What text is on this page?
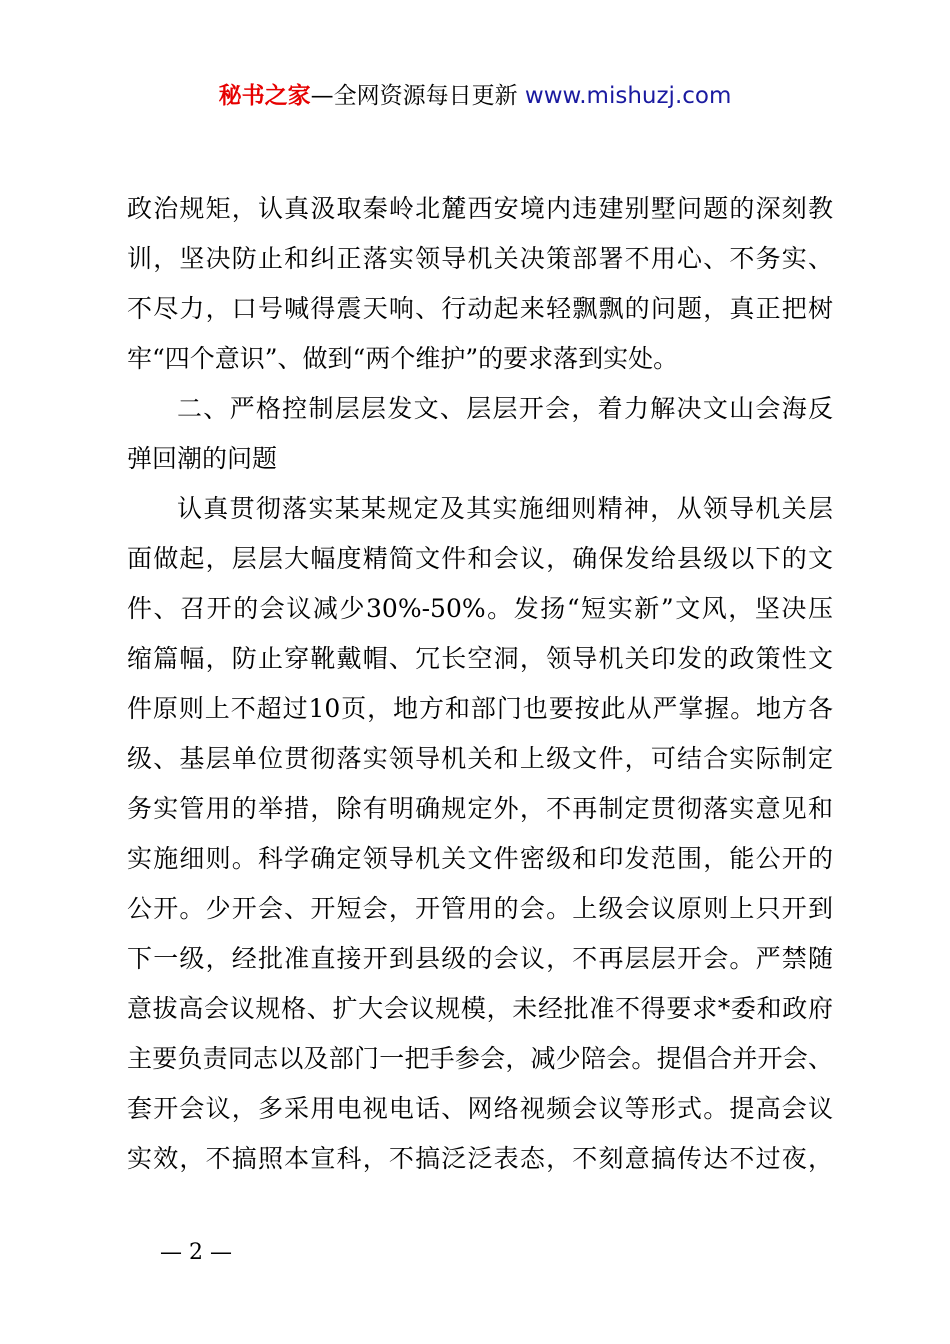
秘书之家—全网资源每日更新 www.mishuzj.com
政治规矩，认真汲取秦岭北麓西安境内违建别墅问题的深刻教
训，坚决防止和纠正落实领导机关决策部署不用心、不务实、
不尽力，口号喊得震天响、行动起来轻飘飘的问题，真正把树
牢“四个意识”、做到“两个维护”的要求落到实处。
二、严格控制层层发文、层层开会，着力解决文山会海反
弹回潮的问题
认真贯彻落实某某规定及其实施细则精神，从领导机关层
面做起，层层大幅度精简文件和会议，确保发给县级以下的文
件、召开的会议减少30%-50%。发扬“短实新”文风，坚决压
缩篇幅，防止穿靴戴帽、冗长空洞，领导机关印发的政策性文
件原则上不超过10页，地方和部门也要按此从严掌握。地方各
级、基层单位贯彻落实领导机关和上级文件，可结合实际制定
务实管用的举措，除有明确规定外，不再制定贯彻落实意见和
实施细则。科学确定领导机关文件密级和印发范围，能公开的
公开。少开会、开短会，开管用的会。上级会议原则上只开到
下一级，经批准直接开到县级的会议，不再层层开会。严禁随
意拔高会议规格、扩大会议规模，未经批准不得要求*委和政府
主要负责同志以及部门一把手参会，减少陪会。提倡合并开会、
套开会议，多采用电视电话、网络视频会议等形式。提高会议
实效，不搞照本宣科，不搞泛泛表态，不刻意搞传达不过夜，
— 2 —
